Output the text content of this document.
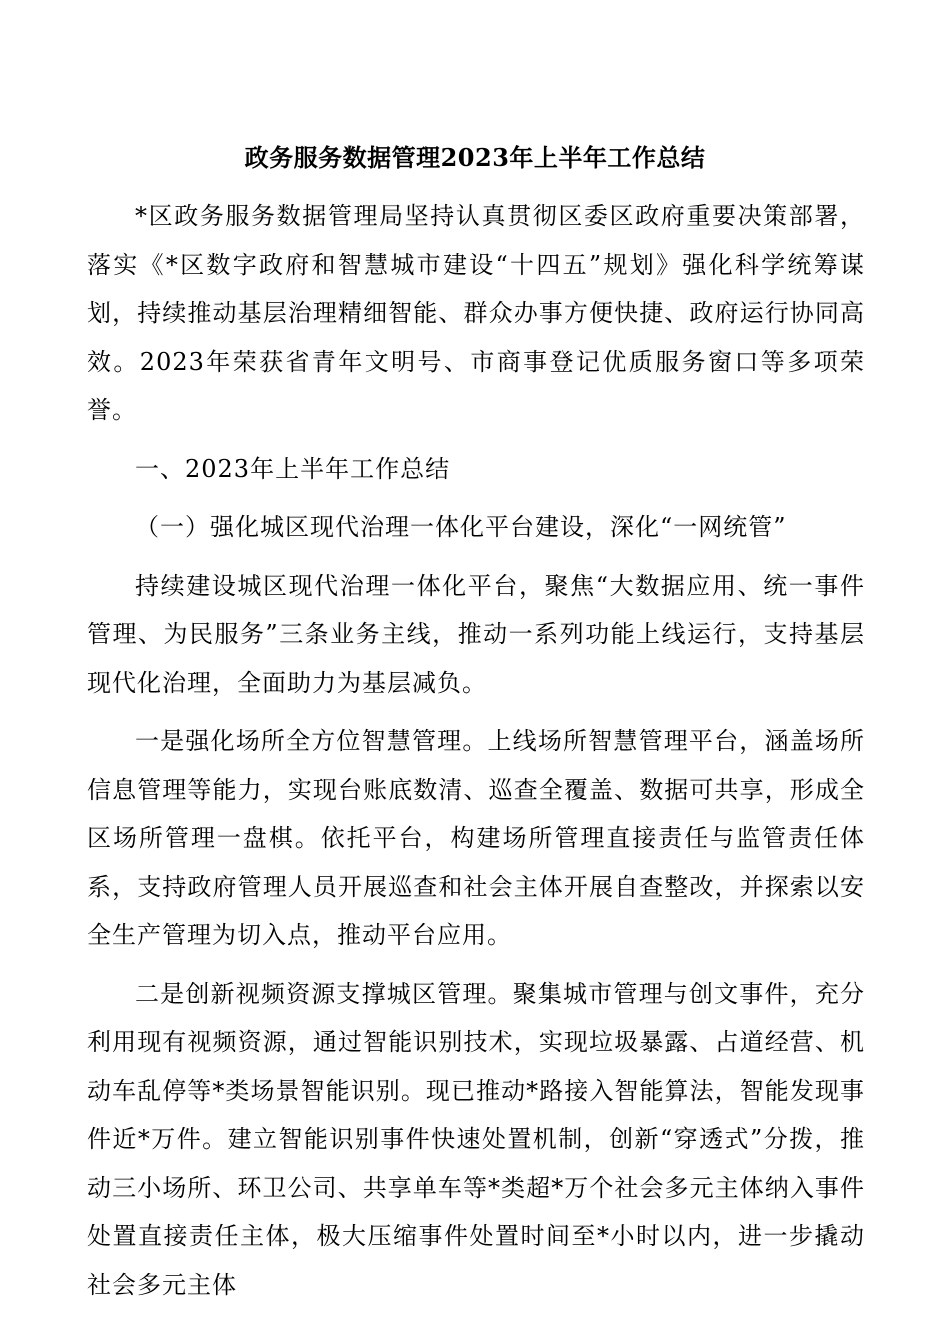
政务服务数据管理2023年上半年工作总结

*区政务服务数据管理局坚持认真贯彻区委区政府重要决策部署，落实《*区数字政府和智慧城市建设“十四五”规划》强化科学统筹谋划，持续推动基层治理精细智能、群众办事方便快捷、政府运行协同高效。2023年荣获省青年文明号、市商事登记优质服务窗口等多项荣誉。

一、2023年上半年工作总结

（一）强化城区现代治理一体化平台建设，深化“一网统管”

持续建设城区现代治理一体化平台，聚焦“大数据应用、统一事件管理、为民服务”三条业务主线，推动一系列功能上线运行，支持基层现代化治理，全面助力为基层减负。

一是强化场所全方位智慧管理。上线场所智慧管理平台，涵盖场所信息管理等能力，实现台账底数清、巡查全覆盖、数据可共享，形成全区场所管理一盘棋。依托平台，构建场所管理直接责任与监管责任体系，支持政府管理人员开展巡查和社会主体开展自查整改，并探索以安全生产管理为切入点，推动平台应用。

二是创新视频资源支撑城区管理。聚集城市管理与创文事件，充分利用现有视频资源，通过智能识别技术，实现垃圾暴露、占道经营、机动车乱停等*类场景智能识别。现已推动*路接入智能算法，智能发现事件近*万件。建立智能识别事件快速处置机制，创新“穿透式”分拨，推动三小场所、环卫公司、共享单车等*类超*万个社会多元主体纳入事件处置直接责任主体，极大压缩事件处置时间至*小时以内，进一步撬动社会多元主体
